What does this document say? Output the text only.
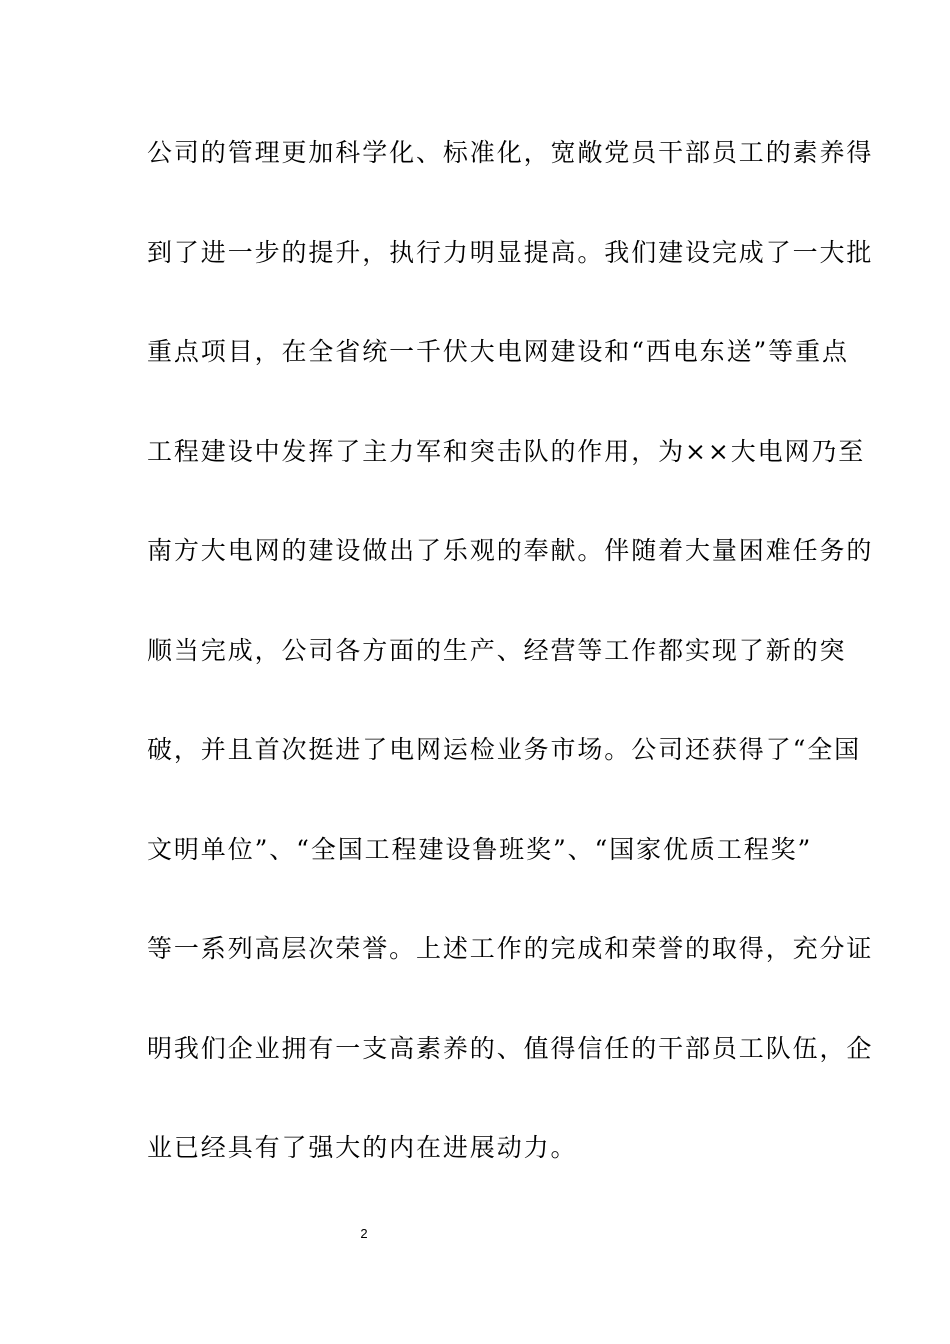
公司的管理更加科学化、标准化，宽敞党员干部员工的素养得
到了进一步的提升，执行力明显提高。我们建设完成了一大批
重点项目，在全省统一千伏大电网建设和“西电东送”等重点
工程建设中发挥了主力军和突击队的作用，为××大电网乃至
南方大电网的建设做出了乐观的奉献。伴随着大量困难任务的
顺当完成，公司各方面的生产、经营等工作都实现了新的突
破，并且首次挺进了电网运检业务市场。公司还获得了“全国
文明单位”、“全国工程建设鲁班奖”、“国家优质工程奖”
等一系列高层次荣誉。上述工作的完成和荣誉的取得，充分证
明我们企业拥有一支高素养的、值得信任的干部员工队伍，企
业已经具有了强大的内在进展动力。
2
